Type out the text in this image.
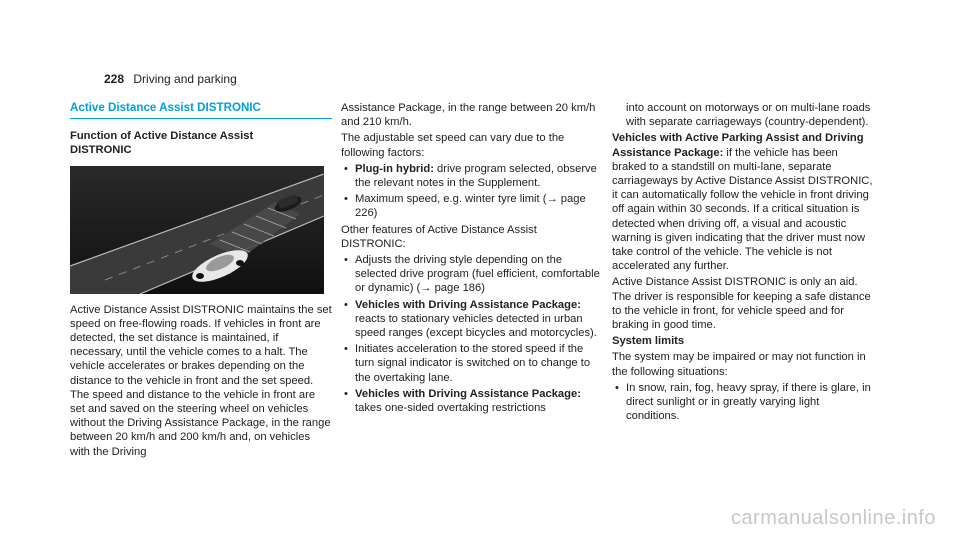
228 Driving and parking
Active Distance Assist DISTRONIC
Function of Active Distance Assist
DISTRONIC

Active Distance Assist DISTRONIC maintains the set speed on free-flowing roads. If vehicles in front are detected, the set distance is maintained, if necessary, until the vehicle comes to a halt. The vehicle accelerates or brakes depending on the distance to the vehicle in front and the set speed. The speed and distance to the vehicle in front are set and saved on the steering wheel on vehicles without the Driving Assistance Package, in the range between 20 km/h and 200 km/h and, on vehicles with the Driving

Assistance Package, in the range between 20 km/h and 210 km/h.

The adjustable set speed can vary due to the following factors:

• Plug-in hybrid: drive program selected, observe the relevant notes in the Supplement.
• Maximum speed, e.g. winter tyre limit (→ page 226)

Other features of Active Distance Assist DISTRONIC:

• Adjusts the driving style depending on the selected drive program (fuel efficient, comfortable or dynamic) (→ page 186)
• Vehicles with Driving Assistance Package: reacts to stationary vehicles detected in urban speed ranges (except bicycles and motorcycles).
• Initiates acceleration to the stored speed if the turn signal indicator is switched on to change to the overtaking lane.
• Vehicles with Driving Assistance Package: takes one-sided overtaking restrictions

into account on motorways or on multi-lane roads with separate carriageways (country-dependent).

Vehicles with Active Parking Assist and Driving Assistance Package: if the vehicle has been braked to a standstill on multi-lane, separate carriageways by Active Distance Assist DISTRONIC, it can automatically follow the vehicle in front driving off again within 30 seconds. If a critical situation is detected when driving off, a visual and acoustic warning is given indicating that the driver must now take control of the vehicle. The vehicle is not accelerated any further.

Active Distance Assist DISTRONIC is only an aid. The driver is responsible for keeping a safe distance to the vehicle in front, for vehicle speed and for braking in good time.

System limits

The system may be impaired or may not function in the following situations:

• In snow, rain, fog, heavy spray, if there is glare, in direct sunlight or in greatly varying light conditions.
carmanualsonline.info
